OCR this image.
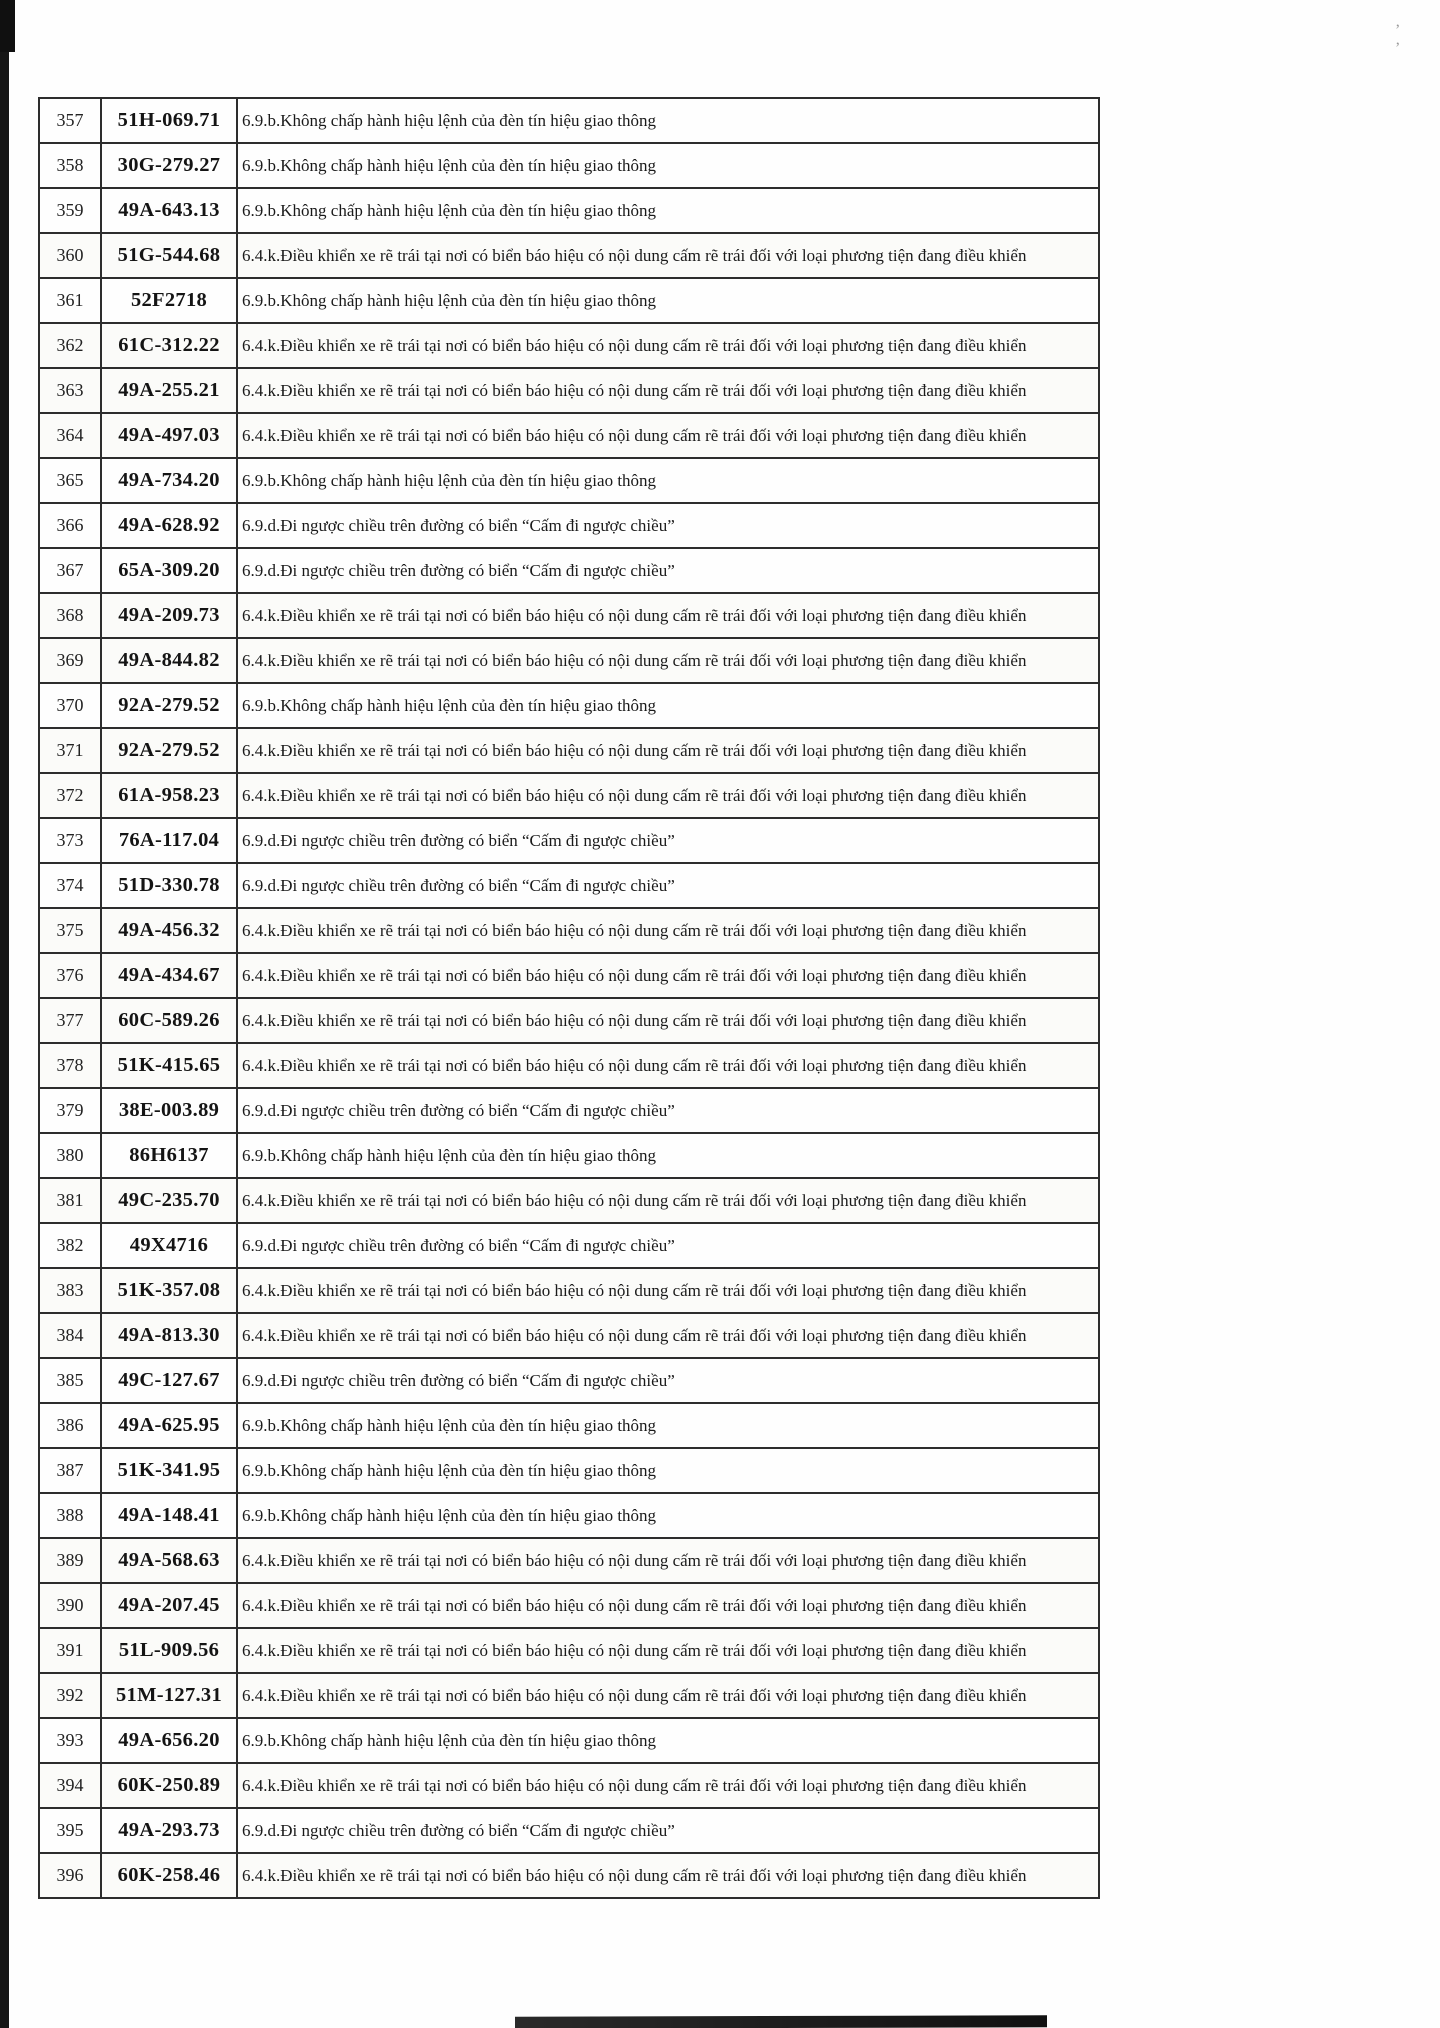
ʼ ʼ
357	51H-069.71	6.9.b.Không chấp hành hiệu lệnh của đèn tín hiệu giao thông
358	30G-279.27	6.9.b.Không chấp hành hiệu lệnh của đèn tín hiệu giao thông
359	49A-643.13	6.9.b.Không chấp hành hiệu lệnh của đèn tín hiệu giao thông
360	51G-544.68	6.4.k.Điều khiển xe rẽ trái tại nơi có biển báo hiệu có nội dung cấm rẽ trái đối với loại phương tiện đang điều khiển
361	52F2718	6.9.b.Không chấp hành hiệu lệnh của đèn tín hiệu giao thông
362	61C-312.22	6.4.k.Điều khiển xe rẽ trái tại nơi có biển báo hiệu có nội dung cấm rẽ trái đối với loại phương tiện đang điều khiển
363	49A-255.21	6.4.k.Điều khiển xe rẽ trái tại nơi có biển báo hiệu có nội dung cấm rẽ trái đối với loại phương tiện đang điều khiển
364	49A-497.03	6.4.k.Điều khiển xe rẽ trái tại nơi có biển báo hiệu có nội dung cấm rẽ trái đối với loại phương tiện đang điều khiển
365	49A-734.20	6.9.b.Không chấp hành hiệu lệnh của đèn tín hiệu giao thông
366	49A-628.92	6.9.d.Đi ngược chiều trên đường có biển “Cấm đi ngược chiều”
367	65A-309.20	6.9.d.Đi ngược chiều trên đường có biển “Cấm đi ngược chiều”
368	49A-209.73	6.4.k.Điều khiển xe rẽ trái tại nơi có biển báo hiệu có nội dung cấm rẽ trái đối với loại phương tiện đang điều khiển
369	49A-844.82	6.4.k.Điều khiển xe rẽ trái tại nơi có biển báo hiệu có nội dung cấm rẽ trái đối với loại phương tiện đang điều khiển
370	92A-279.52	6.9.b.Không chấp hành hiệu lệnh của đèn tín hiệu giao thông
371	92A-279.52	6.4.k.Điều khiển xe rẽ trái tại nơi có biển báo hiệu có nội dung cấm rẽ trái đối với loại phương tiện đang điều khiển
372	61A-958.23	6.4.k.Điều khiển xe rẽ trái tại nơi có biển báo hiệu có nội dung cấm rẽ trái đối với loại phương tiện đang điều khiển
373	76A-117.04	6.9.d.Đi ngược chiều trên đường có biển “Cấm đi ngược chiều”
374	51D-330.78	6.9.d.Đi ngược chiều trên đường có biển “Cấm đi ngược chiều”
375	49A-456.32	6.4.k.Điều khiển xe rẽ trái tại nơi có biển báo hiệu có nội dung cấm rẽ trái đối với loại phương tiện đang điều khiển
376	49A-434.67	6.4.k.Điều khiển xe rẽ trái tại nơi có biển báo hiệu có nội dung cấm rẽ trái đối với loại phương tiện đang điều khiển
377	60C-589.26	6.4.k.Điều khiển xe rẽ trái tại nơi có biển báo hiệu có nội dung cấm rẽ trái đối với loại phương tiện đang điều khiển
378	51K-415.65	6.4.k.Điều khiển xe rẽ trái tại nơi có biển báo hiệu có nội dung cấm rẽ trái đối với loại phương tiện đang điều khiển
379	38E-003.89	6.9.d.Đi ngược chiều trên đường có biển “Cấm đi ngược chiều”
380	86H6137	6.9.b.Không chấp hành hiệu lệnh của đèn tín hiệu giao thông
381	49C-235.70	6.4.k.Điều khiển xe rẽ trái tại nơi có biển báo hiệu có nội dung cấm rẽ trái đối với loại phương tiện đang điều khiển
382	49X4716	6.9.d.Đi ngược chiều trên đường có biển “Cấm đi ngược chiều”
383	51K-357.08	6.4.k.Điều khiển xe rẽ trái tại nơi có biển báo hiệu có nội dung cấm rẽ trái đối với loại phương tiện đang điều khiển
384	49A-813.30	6.4.k.Điều khiển xe rẽ trái tại nơi có biển báo hiệu có nội dung cấm rẽ trái đối với loại phương tiện đang điều khiển
385	49C-127.67	6.9.d.Đi ngược chiều trên đường có biển “Cấm đi ngược chiều”
386	49A-625.95	6.9.b.Không chấp hành hiệu lệnh của đèn tín hiệu giao thông
387	51K-341.95	6.9.b.Không chấp hành hiệu lệnh của đèn tín hiệu giao thông
388	49A-148.41	6.9.b.Không chấp hành hiệu lệnh của đèn tín hiệu giao thông
389	49A-568.63	6.4.k.Điều khiển xe rẽ trái tại nơi có biển báo hiệu có nội dung cấm rẽ trái đối với loại phương tiện đang điều khiển
390	49A-207.45	6.4.k.Điều khiển xe rẽ trái tại nơi có biển báo hiệu có nội dung cấm rẽ trái đối với loại phương tiện đang điều khiển
391	51L-909.56	6.4.k.Điều khiển xe rẽ trái tại nơi có biển báo hiệu có nội dung cấm rẽ trái đối với loại phương tiện đang điều khiển
392	51M-127.31	6.4.k.Điều khiển xe rẽ trái tại nơi có biển báo hiệu có nội dung cấm rẽ trái đối với loại phương tiện đang điều khiển
393	49A-656.20	6.9.b.Không chấp hành hiệu lệnh của đèn tín hiệu giao thông
394	60K-250.89	6.4.k.Điều khiển xe rẽ trái tại nơi có biển báo hiệu có nội dung cấm rẽ trái đối với loại phương tiện đang điều khiển
395	49A-293.73	6.9.d.Đi ngược chiều trên đường có biển “Cấm đi ngược chiều”
396	60K-258.46	6.4.k.Điều khiển xe rẽ trái tại nơi có biển báo hiệu có nội dung cấm rẽ trái đối với loại phương tiện đang điều khiển
